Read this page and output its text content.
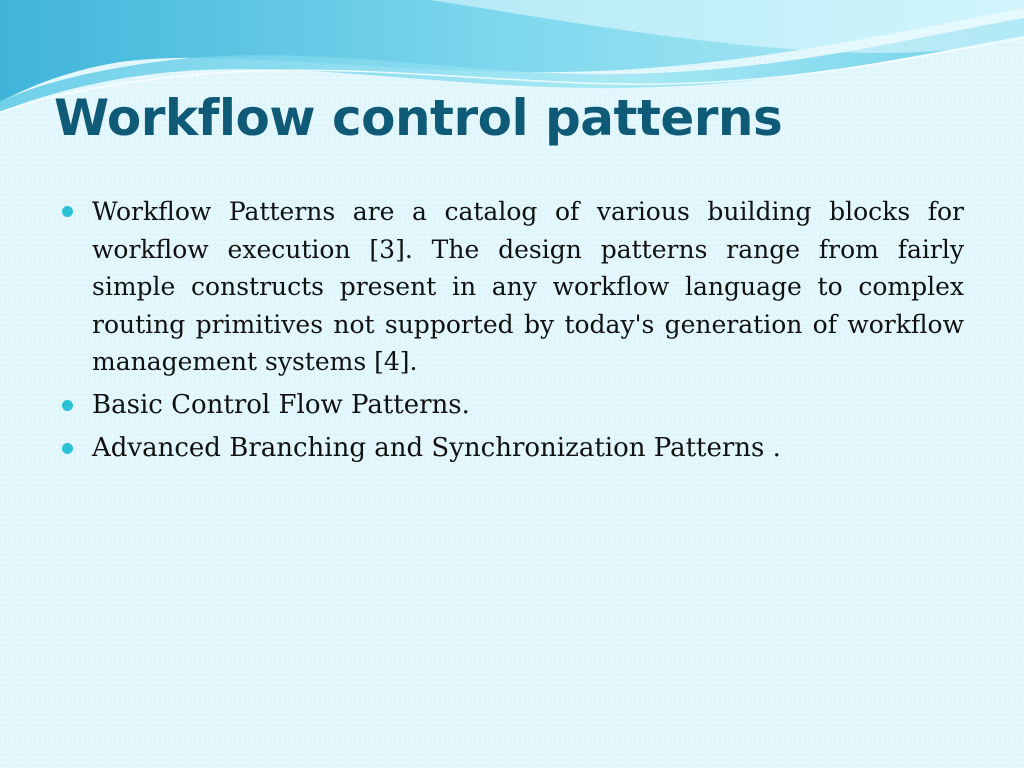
Workflow control patterns
Workflow Patterns are a catalog of various building blocks for workflow execution [3]. The design patterns range from fairly simple constructs present in any workflow language to complex routing primitives not supported by today's generation of workflow management systems [4].
Basic Control Flow Patterns.
Advanced Branching and Synchronization Patterns .
